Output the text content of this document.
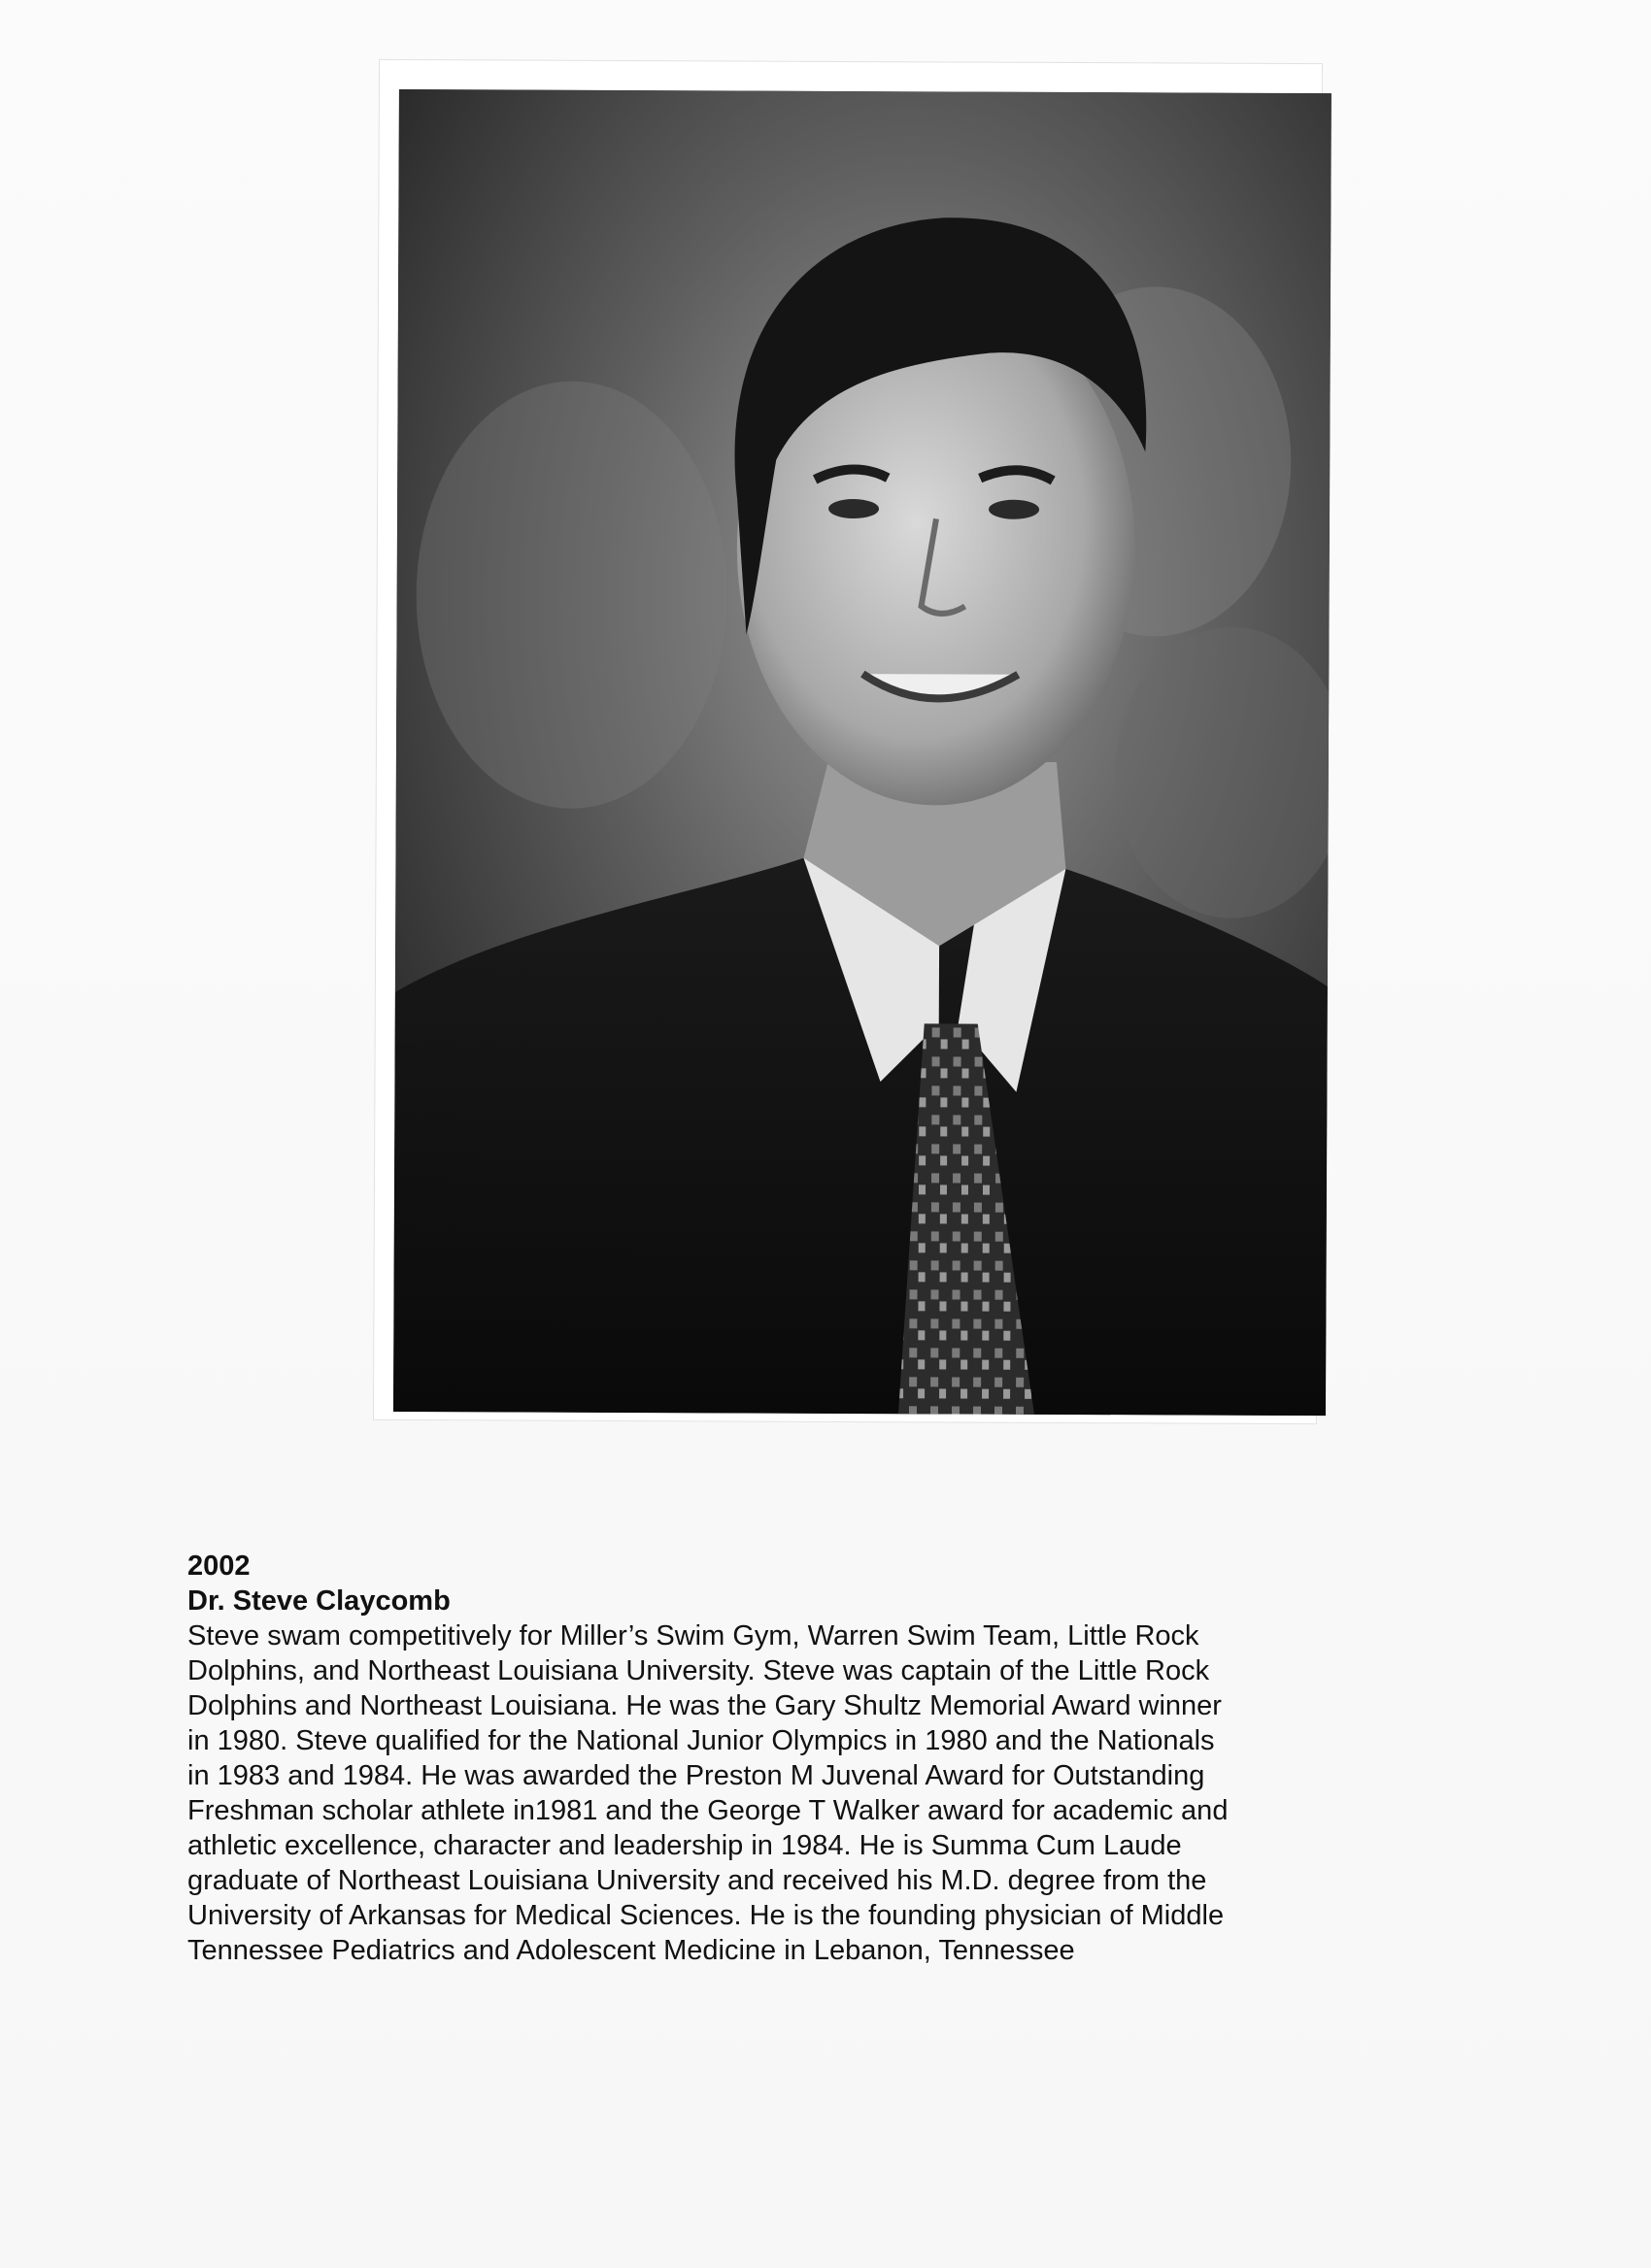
2002
Dr. Steve Claycomb
Steve swam competitively for Miller’s Swim Gym, Warren Swim Team, Little Rock
Dolphins, and Northeast Louisiana University. Steve was captain of the Little Rock
Dolphins and Northeast Louisiana. He was the Gary Shultz Memorial Award winner
in 1980. Steve qualified for the National Junior Olympics in 1980 and the Nationals
in 1983 and 1984. He was awarded the Preston M Juvenal Award for Outstanding
Freshman scholar athlete in1981 and the George T Walker award for academic and
athletic excellence, character and leadership in 1984. He is Summa Cum Laude
graduate of Northeast Louisiana University and received his M.D. degree from the
University of Arkansas for Medical Sciences. He is the founding physician of Middle
Tennessee Pediatrics and Adolescent Medicine in Lebanon, Tennessee
